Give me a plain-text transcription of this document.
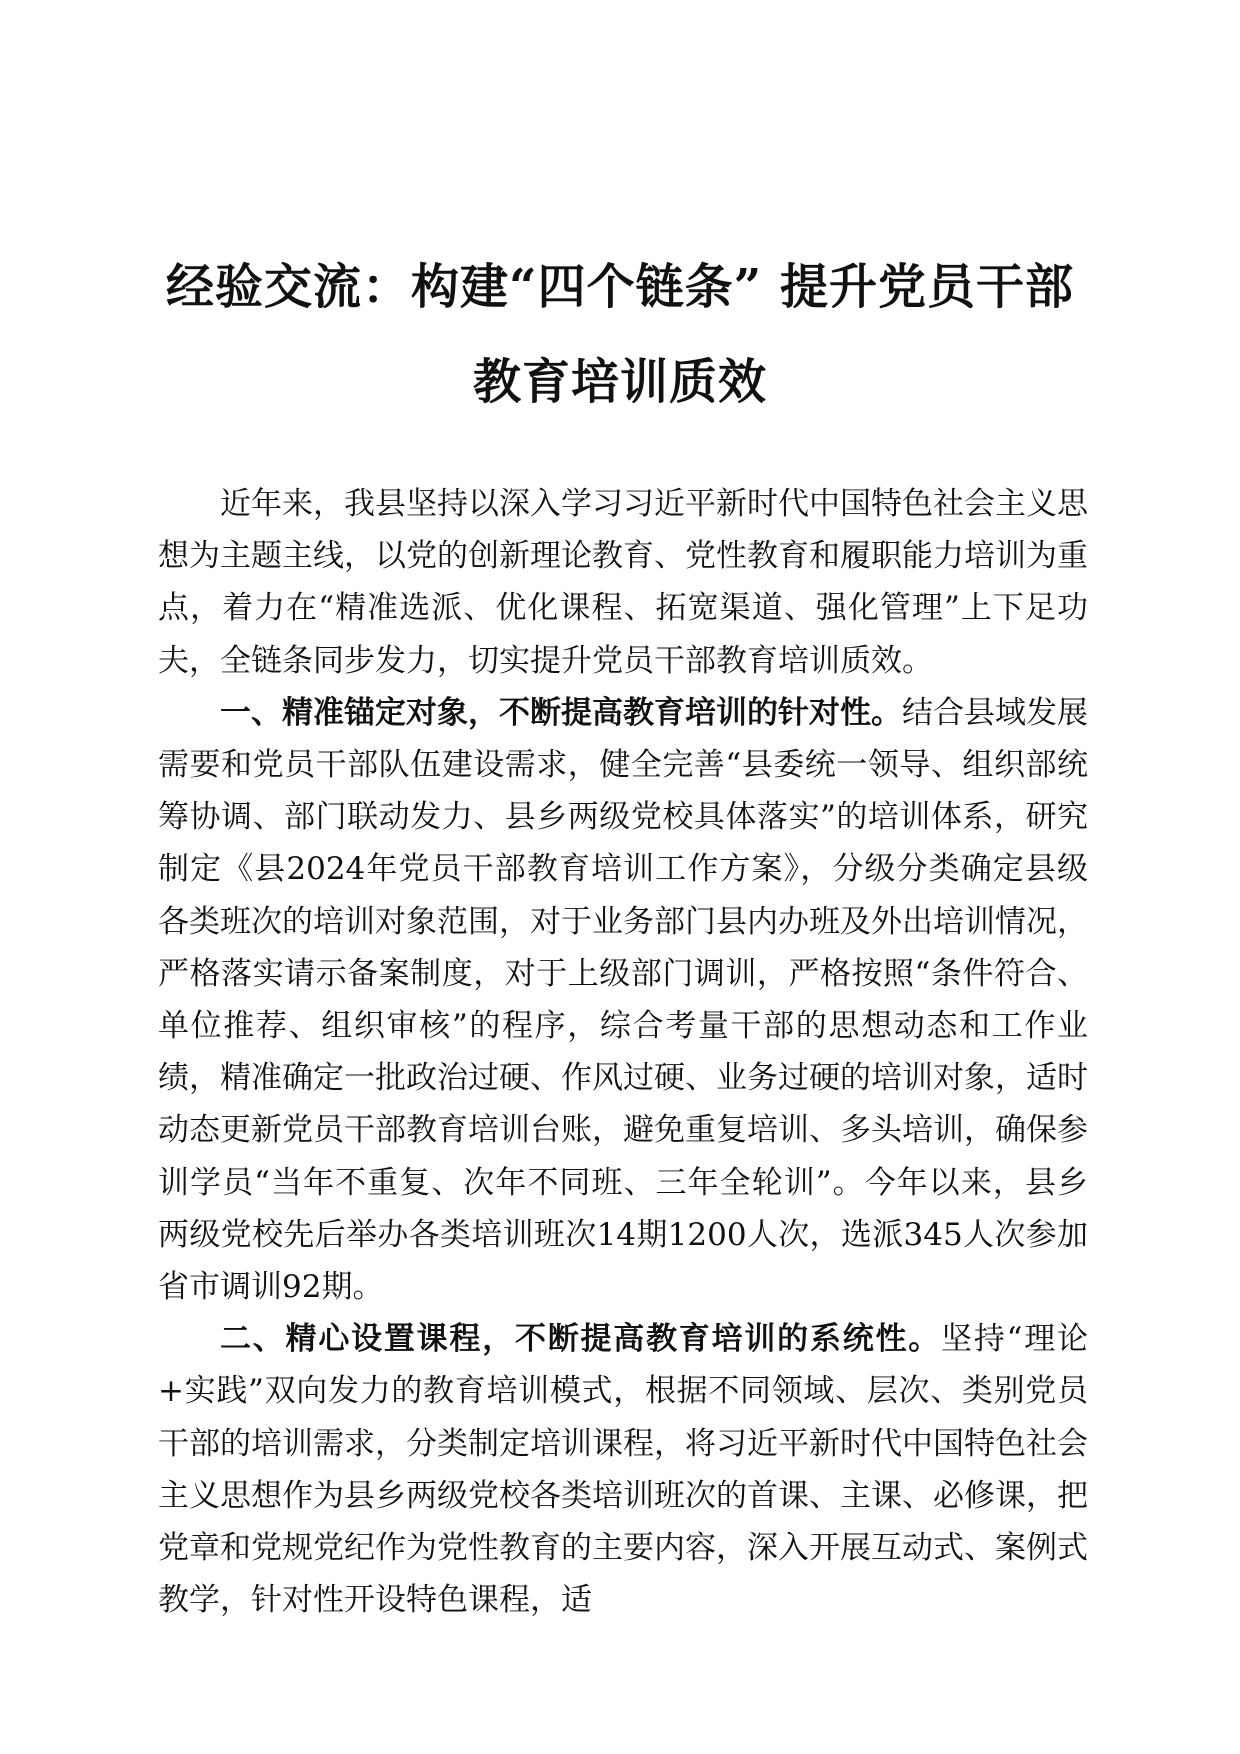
经验交流：构建“四个链条” 提升党员干部
教育培训质效

近年来，我县坚持以深入学习习近平新时代中国特色社会主义思想为主题主线，以党的创新理论教育、党性教育和履职能力培训为重点，着力在“精准选派、优化课程、拓宽渠道、强化管理”上下足功夫，全链条同步发力，切实提升党员干部教育培训质效。

一、精准锚定对象，不断提高教育培训的针对性。结合县域发展需要和党员干部队伍建设需求，健全完善“县委统一领导、组织部统筹协调、部门联动发力、县乡两级党校具体落实”的培训体系，研究制定《县2024年党员干部教育培训工作方案》，分级分类确定县级各类班次的培训对象范围，对于业务部门县内办班及外出培训情况，严格落实请示备案制度，对于上级部门调训，严格按照“条件符合、单位推荐、组织审核”的程序，综合考量干部的思想动态和工作业绩，精准确定一批政治过硬、作风过硬、业务过硬的培训对象，适时动态更新党员干部教育培训台账，避免重复培训、多头培训，确保参训学员“当年不重复、次年不同班、三年全轮训”。今年以来，县乡两级党校先后举办各类培训班次14期1200人次，选派345人次参加省市调训92期。

二、精心设置课程，不断提高教育培训的系统性。坚持“理论+实践”双向发力的教育培训模式，根据不同领域、层次、类别党员干部的培训需求，分类制定培训课程，将习近平新时代中国特色社会主义思想作为县乡两级党校各类培训班次的首课、主课、必修课，把党章和党规党纪作为党性教育的主要内容，深入开展互动式、案例式教学，针对性开设特色课程，适
